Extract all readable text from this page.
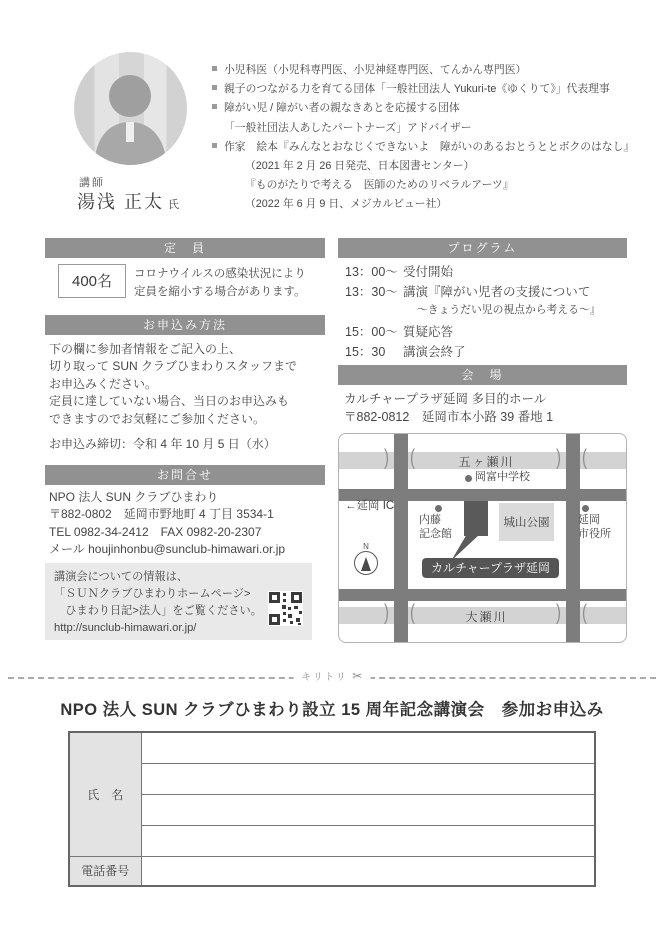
講師
湯浅 正太 氏
小児科医（小児科専門医、小児神経専門医、てんかん専門医）
親子のつながる力を育てる団体「一般社団法人 Yukuri-te《ゆくりて》」代表理事
障がい児 / 障がい者の親なきあとを応援する団体
「一般社団法人あしたパートナーズ」アドバイザー
作家　絵本『みんなとおなじくできないよ　障がいのあるおとうととボクのはなし』
（2021 年 2 月 26 日発売、日本図書センター）
『ものがたりで考える　医師のためのリベラルアーツ』
（2022 年 6 月 9 日、メジカルビュー社）
定　員
400名	コロナウイルスの感染状況により
定員を縮小する場合があります。
お申込み方法
下の欄に参加者情報をご記入の上、
切り取って SUN クラブひまわりスタッフまで
お申込みください。
定員に達していない場合、当日のお申込みも
できますのでお気軽にご参加ください。
お申込み締切：令和 4 年 10 月 5 日（水）
お問合せ
NPO 法人 SUN クラブひまわり
〒882-0802　延岡市野地町 4 丁目 3534-1
TEL 0982-34-2412　FAX 0982-20-2307
メール houjinhonbu@sunclub-himawari.or.jp
講演会についての情報は、
「ＳＵＮクラブひまわりホームページ>
　ひまわり日記>法人」をご覧ください。
http://sunclub-himawari.or.jp/
プログラム
13：00〜 受付開始
13：30〜 講演『障がい児者の支援について
〜きょうだい児の視点から考える〜』
15：00〜 質疑応答
15：30	講演会終了
会　場
カルチャープラザ延岡 多目的ホール
〒882-0812　延岡市本小路 39 番地 1
五ヶ瀬川
大瀬川
) (	) (
) (	) (
岡富中学校
←延岡 IC
内藤
記念館
城山公園	延岡
市役所
カルチャープラザ延岡
N
キリトリ ✂
NPO 法人 SUN クラブひまわり設立 15 周年記念講演会　参加お申込み
氏　名	

電話番号	
